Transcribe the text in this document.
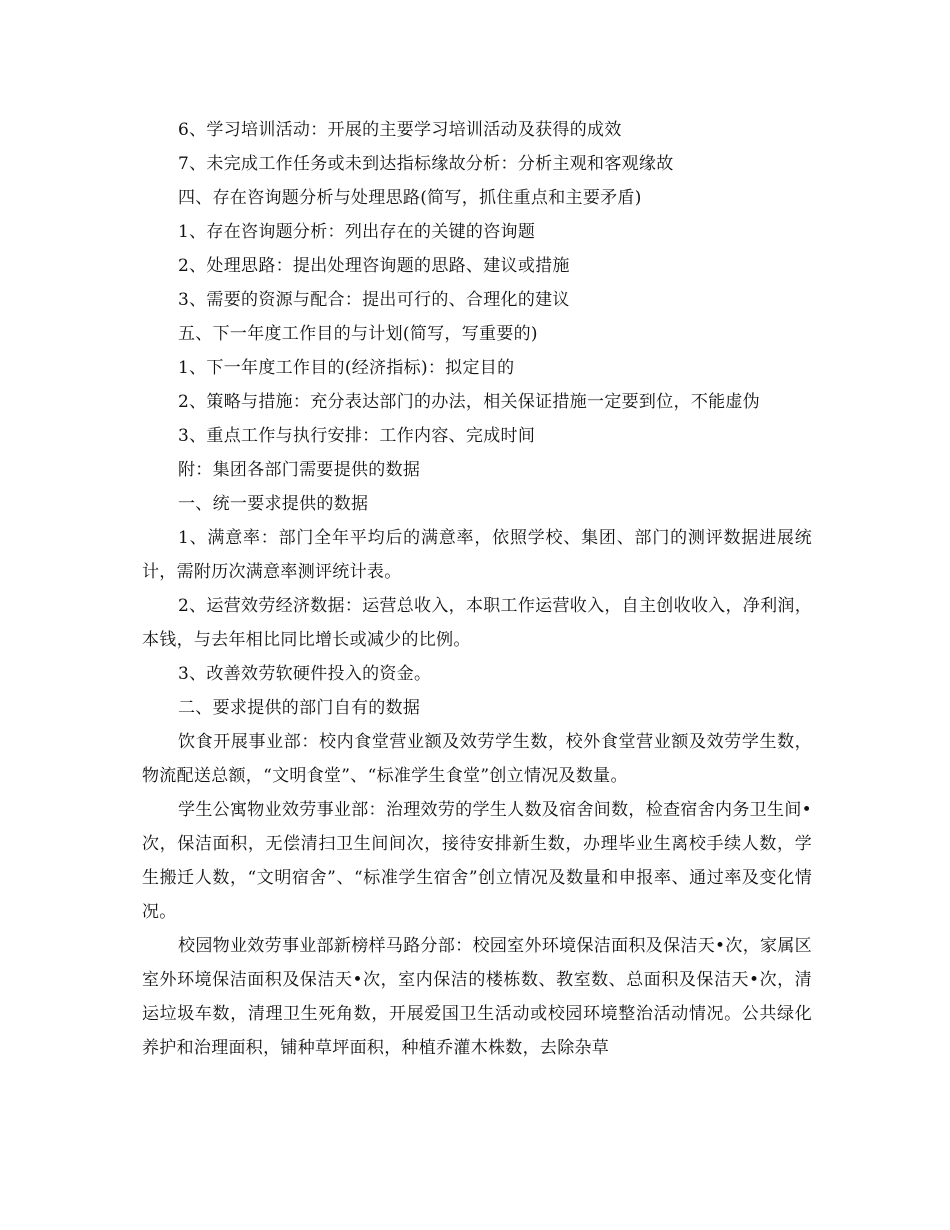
6、学习培训活动：开展的主要学习培训活动及获得的成效

7、未完成工作任务或未到达指标缘故分析：分析主观和客观缘故

四、存在咨询题分析与处理思路(简写，抓住重点和主要矛盾)

1、存在咨询题分析：列出存在的关键的咨询题

2、处理思路：提出处理咨询题的思路、建议或措施

3、需要的资源与配合：提出可行的、合理化的建议

五、下一年度工作目的与计划(简写，写重要的)

1、下一年度工作目的(经济指标)：拟定目的

2、策略与措施：充分表达部门的办法，相关保证措施一定要到位，不能虚伪

3、重点工作与执行安排：工作内容、完成时间

附：集团各部门需要提供的数据

一、统一要求提供的数据

1、满意率：部门全年平均后的满意率，依照学校、集团、部门的测评数据进展统计，需附历次满意率测评统计表。

2、运营效劳经济数据：运营总收入，本职工作运营收入，自主创收收入，净利润，本钱，与去年相比同比增长或减少的比例。

3、改善效劳软硬件投入的资金。

二、要求提供的部门自有的数据

饮食开展事业部：校内食堂营业额及效劳学生数，校外食堂营业额及效劳学生数，物流配送总额，“文明食堂”、“标准学生食堂”创立情况及数量。

学生公寓物业效劳事业部：治理效劳的学生人数及宿舍间数，检查宿舍内务卫生间•次，保洁面积，无偿清扫卫生间间次，接待安排新生数，办理毕业生离校手续人数，学生搬迁人数，“文明宿舍”、“标准学生宿舍”创立情况及数量和申报率、通过率及变化情况。

校园物业效劳事业部新榜样马路分部：校园室外环境保洁面积及保洁天•次，家属区室外环境保洁面积及保洁天•次，室内保洁的楼栋数、教室数、总面积及保洁天•次，清运垃圾车数，清理卫生死角数，开展爱国卫生活动或校园环境整治活动情况。公共绿化养护和治理面积，铺种草坪面积，种植乔灌木株数，去除杂草
